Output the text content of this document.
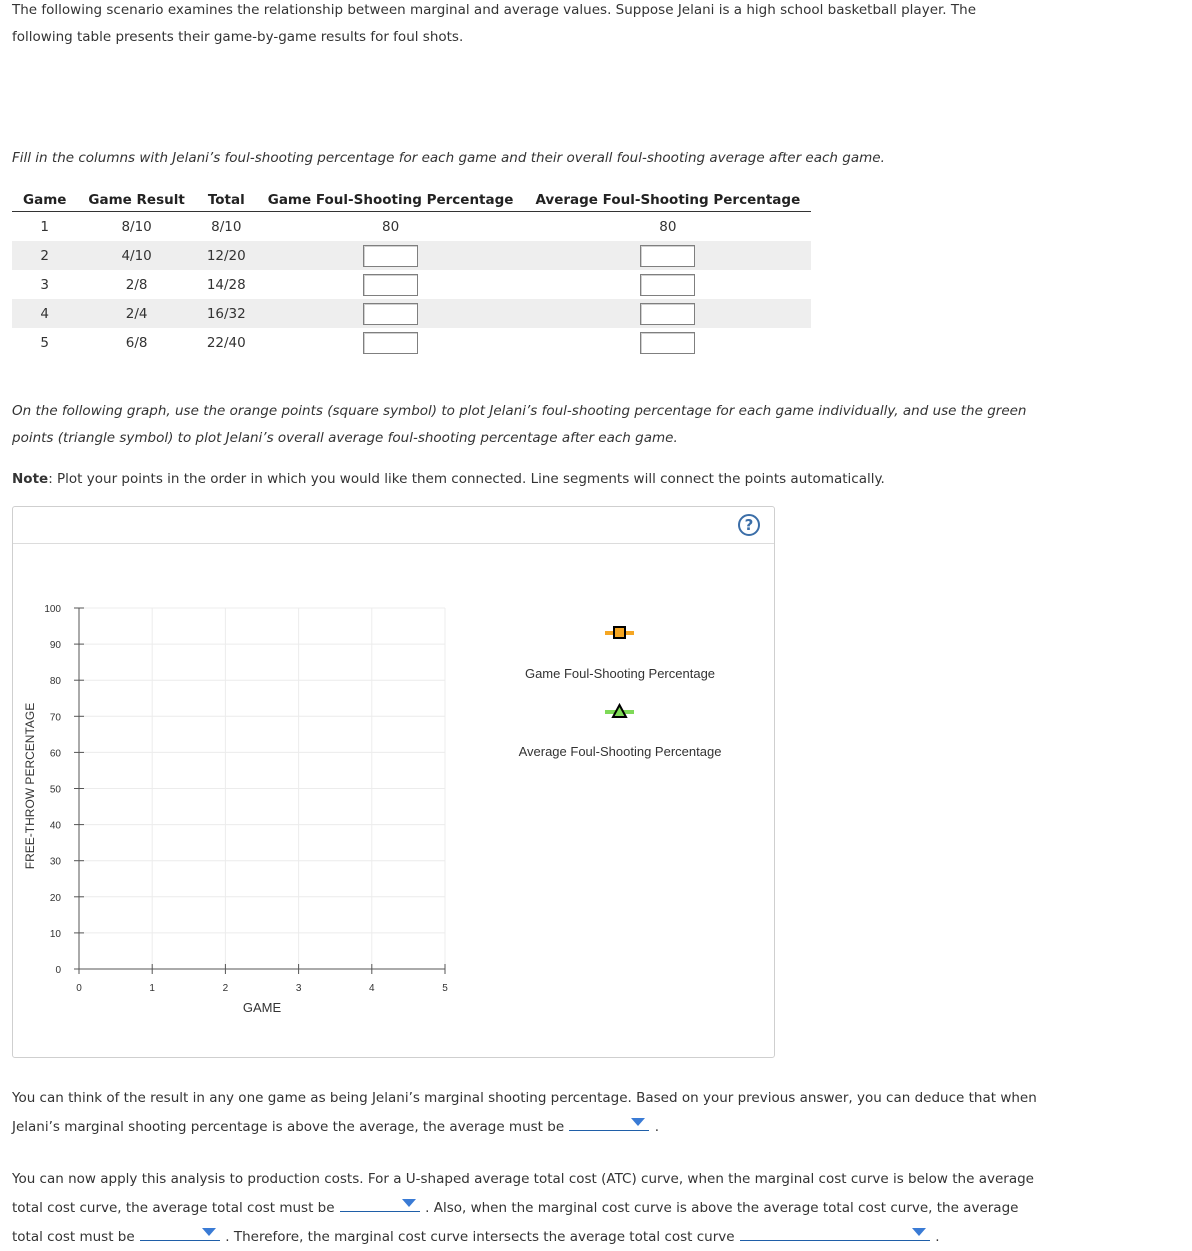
The following scenario examines the relationship between marginal and average values. Suppose Jelani is a high school basketball player. The
following table presents their game-by-game results for foul shots.
Fill in the columns with Jelani’s foul-shooting percentage for each game and their overall foul-shooting average after each game.
Game	Game Result	Total	Game Foul-Shooting Percentage	Average Foul-Shooting Percentage
1	8/10	8/10	80	80
2	4/10	12/20		
3	2/8	14/28		
4	2/4	16/32		
5	6/8	22/40		
On the following graph, use the orange points (square symbol) to plot Jelani’s foul-shooting percentage for each game individually, and use the green
points (triangle symbol) to plot Jelani’s overall average foul-shooting percentage after each game.
Note: Plot your points in the order in which you would like them connected. Line segments will connect the points automatically.
?
FREE-THROW PERCENTAGE
GAME
Game Foul-Shooting Percentage
Average Foul-Shooting Percentage
0
10
20
30
40
50
60
70
80
90
100
0	1	2	3	4	5
You can think of the result in any one game as being Jelani’s marginal shooting percentage. Based on your previous answer, you can deduce that when
Jelani’s marginal shooting percentage is above the average, the average must be	.
You can now apply this analysis to production costs. For a U-shaped average total cost (ATC) curve, when the marginal cost curve is below the average
total cost curve, the average total cost must be	. Also, when the marginal cost curve is above the average total cost curve, the average
total cost must be	. Therefore, the marginal cost curve intersects the average total cost curve	.
